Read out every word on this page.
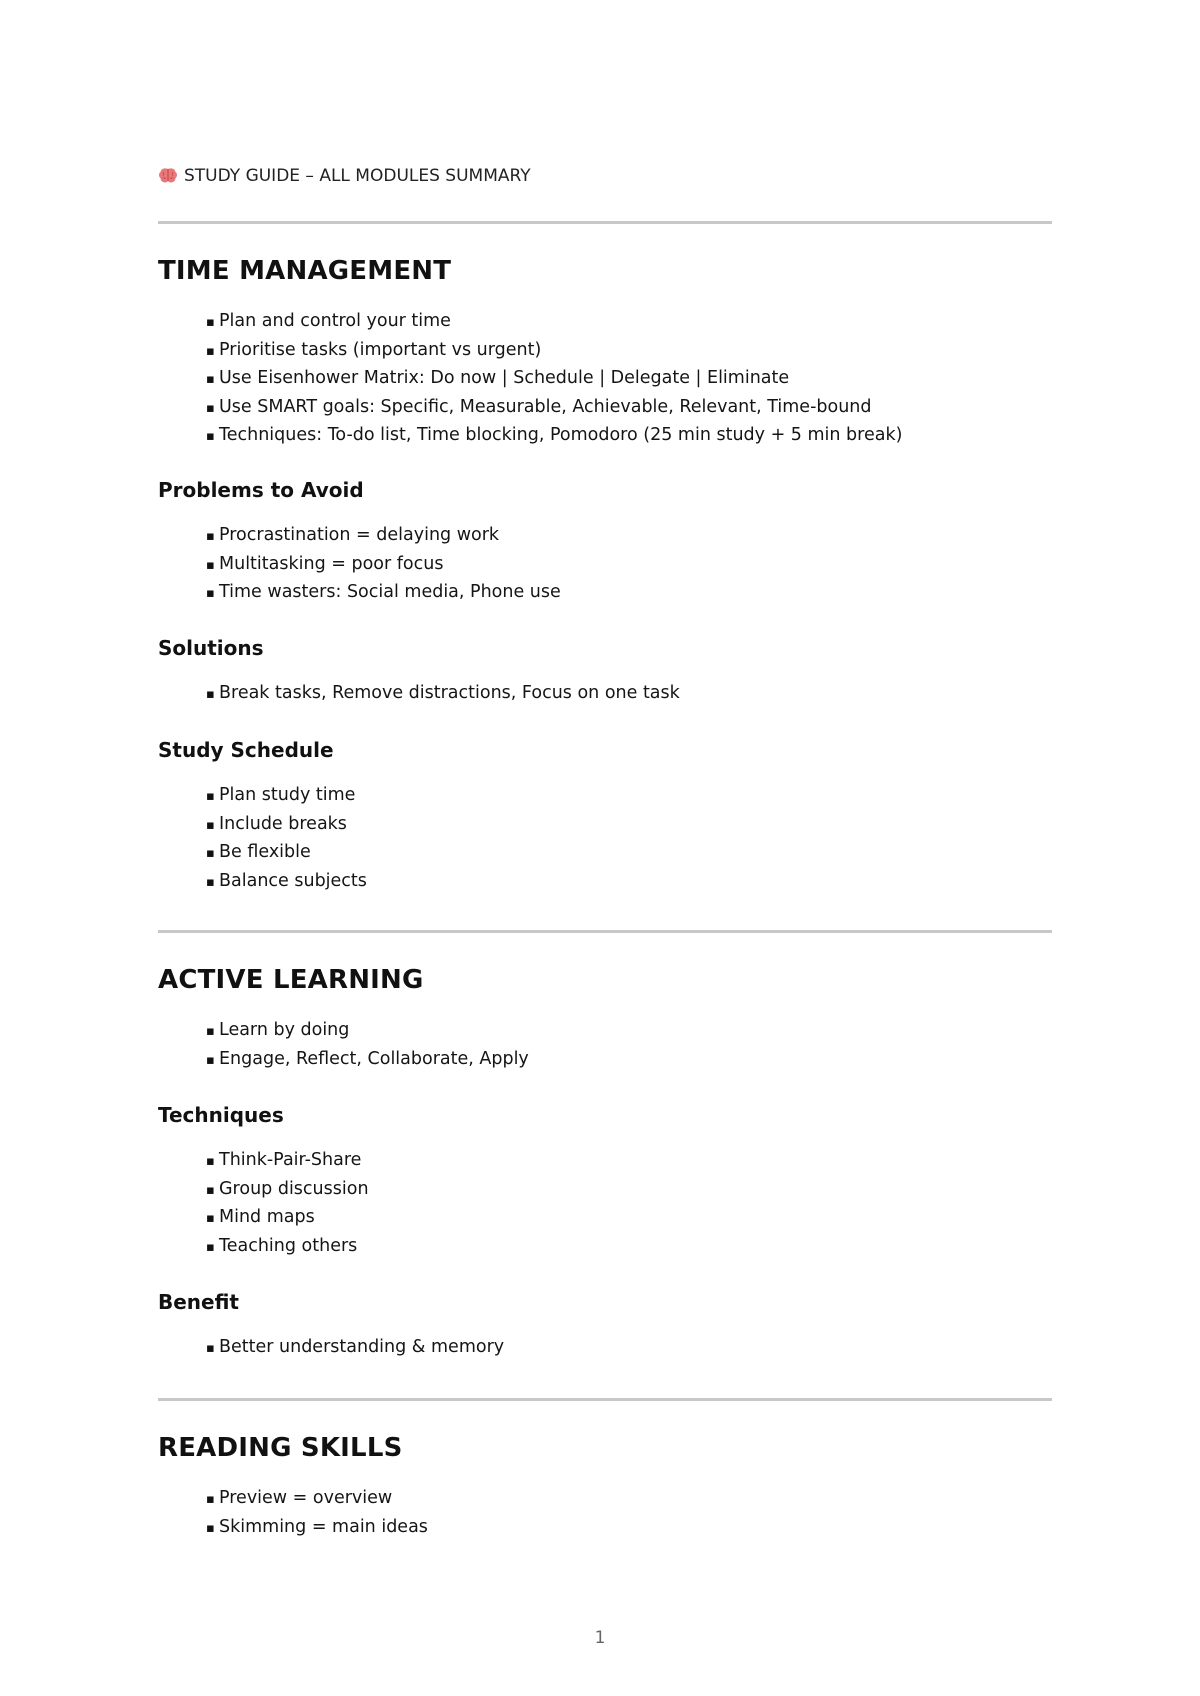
STUDY GUIDE – ALL MODULES SUMMARY
TIME MANAGEMENT
▪ Plan and control your time
▪ Prioritise tasks (important vs urgent)
▪ Use Eisenhower Matrix: Do now | Schedule | Delegate | Eliminate
▪ Use SMART goals: Specific, Measurable, Achievable, Relevant, Time-bound
▪ Techniques: To-do list, Time blocking, Pomodoro (25 min study + 5 min break)
Problems to Avoid
▪ Procrastination = delaying work
▪ Multitasking = poor focus
▪ Time wasters: Social media, Phone use
Solutions
▪ Break tasks, Remove distractions, Focus on one task
Study Schedule
▪ Plan study time
▪ Include breaks
▪ Be flexible
▪ Balance subjects
ACTIVE LEARNING
▪ Learn by doing
▪ Engage, Reflect, Collaborate, Apply
Techniques
▪ Think-Pair-Share
▪ Group discussion
▪ Mind maps
▪ Teaching others
Benefit
▪ Better understanding & memory
READING SKILLS
▪ Preview = overview
▪ Skimming = main ideas
1
